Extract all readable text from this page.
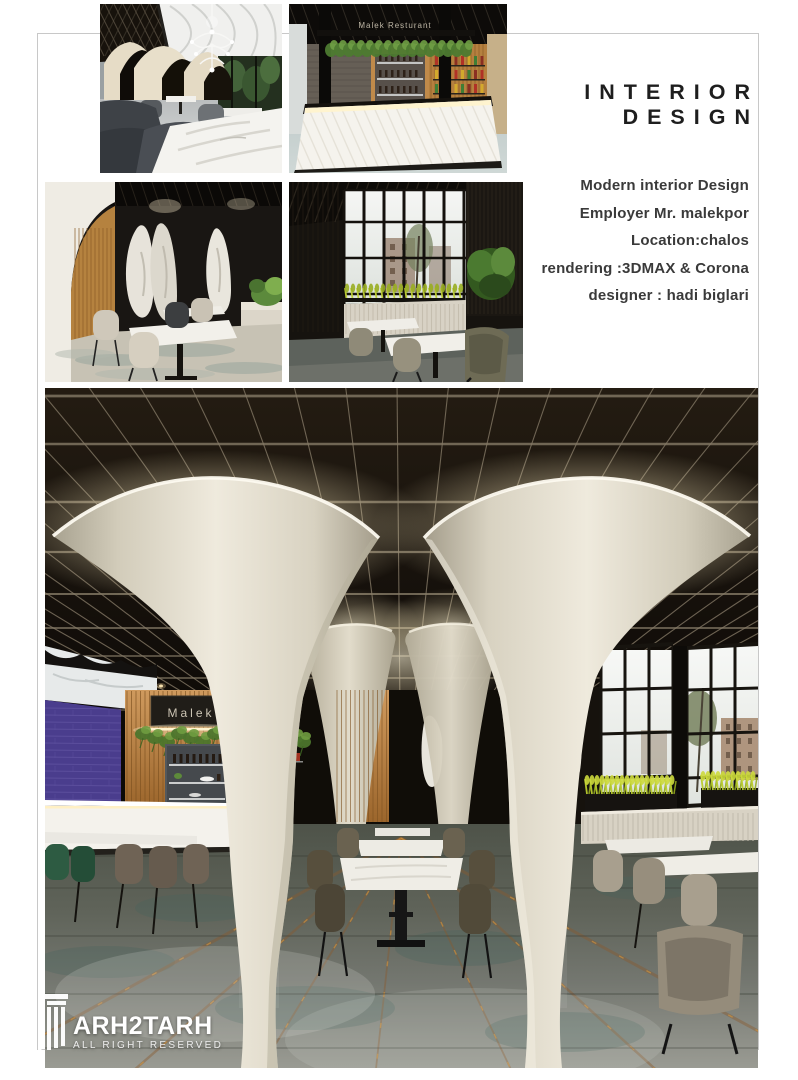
Malek Resturant
INTERIOR
DESIGN
Modern interior Design
Employer Mr. malekpor
Location:chalos
rendering :3DMAX & Corona
designer : hadi biglari
Malek
ARH2TARH
ALL RIGHT RESERVED
